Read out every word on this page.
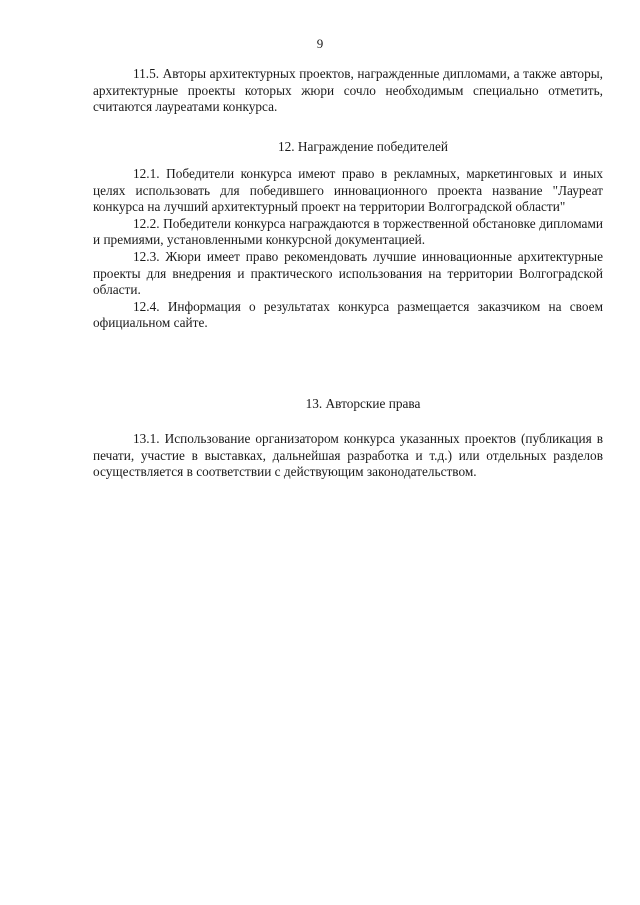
9

11.5. Авторы архитектурных проектов, награжденные дипломами, а также авторы, архитектурные проекты которых жюри сочло необходимым специально отметить, считаются лауреатами конкурса.

12. Награждение победителей

12.1. Победители конкурса имеют право в рекламных, маркетинговых и иных целях использовать для победившего инновационного проекта название "Лауреат конкурса на лучший архитектурный проект на территории Волгоградской области"

12.2. Победители конкурса награждаются в торжественной обстановке дипломами и премиями, установленными конкурсной документацией.

12.3. Жюри имеет право рекомендовать лучшие инновационные архитектурные проекты для внедрения и практического использования на территории Волгоградской области.

12.4. Информация о результатах конкурса размещается заказчиком на своем официальном сайте.

13. Авторские права

13.1. Использование организатором конкурса указанных проектов (публикация в печати, участие в выставках, дальнейшая разработка и т.д.) или отдельных разделов осуществляется в соответствии с действующим законодательством.
